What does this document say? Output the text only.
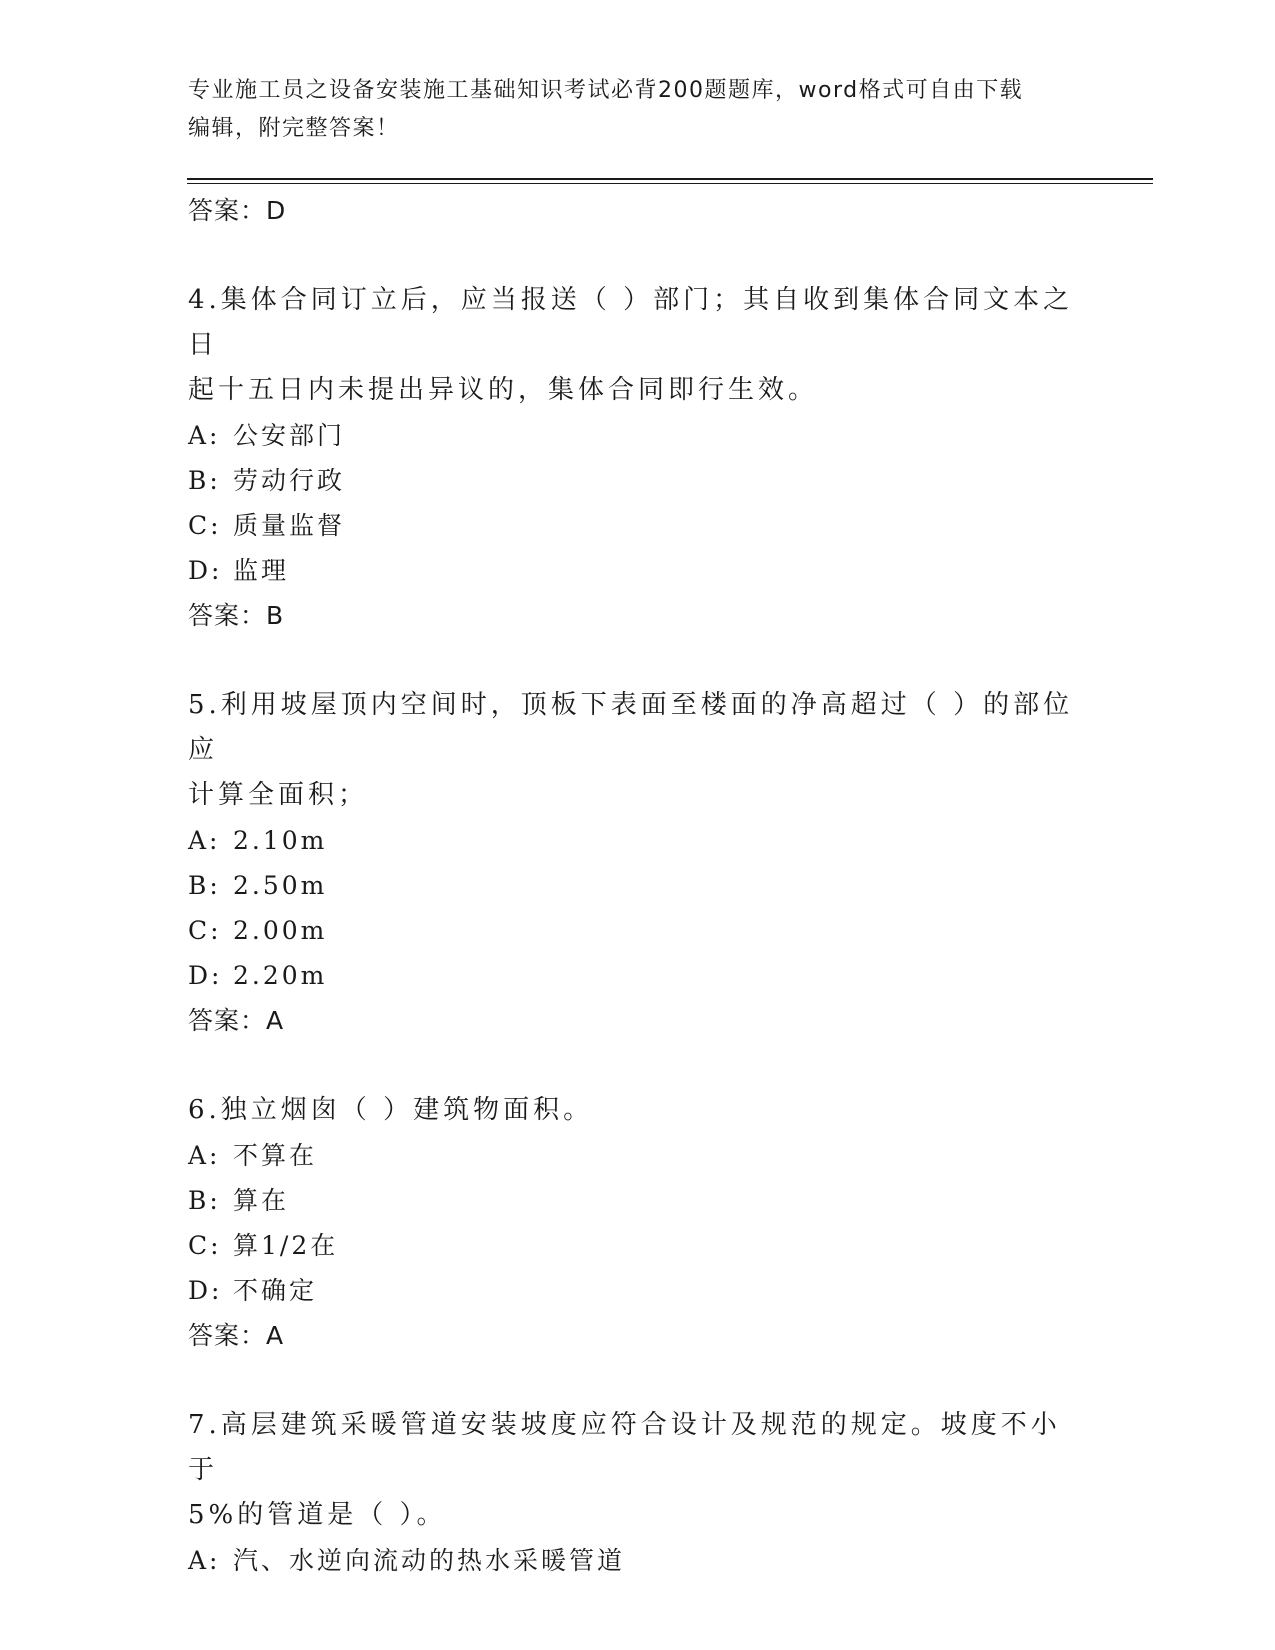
专业施工员之设备安装施工基础知识考试必背200题题库，word格式可自由下载
编辑，附完整答案！
答案：D
4.集体合同订立后，应当报送（ ）部门；其自收到集体合同文本之日
起十五日内未提出异议的，集体合同即行生效。
A: 公安部门
B: 劳动行政
C: 质量监督
D: 监理
答案：B
5.利用坡屋顶内空间时，顶板下表面至楼面的净高超过（ ）的部位应
计算全面积；
A: 2.10m
B: 2.50m
C: 2.00m
D: 2.20m
答案：A
6.独立烟囱（ ）建筑物面积。
A: 不算在
B: 算在
C: 算1/2在
D: 不确定
答案：A
7.高层建筑采暖管道安装坡度应符合设计及规范的规定。坡度不小于
5%的管道是（ ）。
A: 汽、水逆向流动的热水采暖管道
